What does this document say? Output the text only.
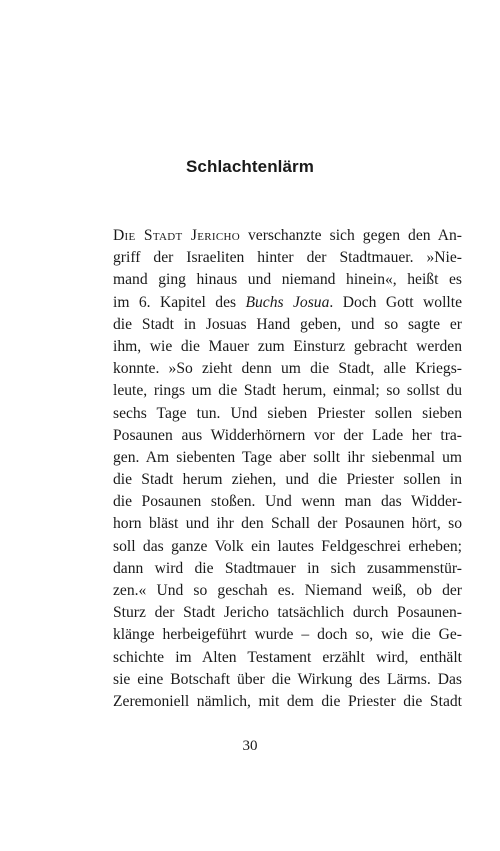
Schlachtenlärm
Die Stadt Jericho verschanzte sich gegen den An-
griff der Israeliten hinter der Stadtmauer. »Nie-
mand ging hinaus und niemand hinein«, heißt es
im 6. Kapitel des Buchs Josua. Doch Gott wollte
die Stadt in Josuas Hand geben, und so sagte er
ihm, wie die Mauer zum Einsturz gebracht werden
konnte. »So zieht denn um die Stadt, alle Kriegs-
leute, rings um die Stadt herum, einmal; so sollst du
sechs Tage tun. Und sieben Priester sollen sieben
Posaunen aus Widderhörnern vor der Lade her tra-
gen. Am siebenten Tage aber sollt ihr siebenmal um
die Stadt herum ziehen, und die Priester sollen in
die Posaunen stoßen. Und wenn man das Widder-
horn bläst und ihr den Schall der Posaunen hört, so
soll das ganze Volk ein lautes Feldgeschrei erheben;
dann wird die Stadtmauer in sich zusammenstür-
zen.« Und so geschah es. Niemand weiß, ob der
Sturz der Stadt Jericho tatsächlich durch Posaunen-
klänge herbeigeführt wurde – doch so, wie die Ge-
schichte im Alten Testament erzählt wird, enthält
sie eine Botschaft über die Wirkung des Lärms. Das
Zeremoniell nämlich, mit dem die Priester die Stadt
30
